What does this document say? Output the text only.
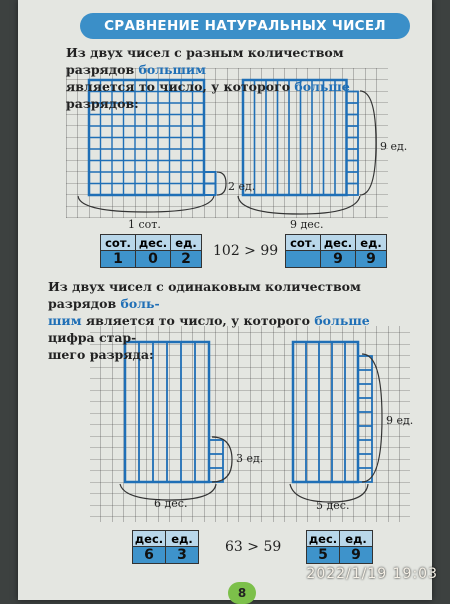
СРАВНЕНИЕ НАТУРАЛЬНЫХ ЧИСЕЛ
Из двух чисел с разным количеством разрядов большим
является то число, у которого больше разрядов:
2 ед.
9 ед.
1 сот.	9 дес.
сот.	дес.	ед.
1	0	2 102 > 99
сот.	дес.	ед.
	9	9
Из двух чисел с одинаковым количеством разрядов боль-
шим является то число, у которого больше цифра стар-
шего разряда:
3 ед.
9 ед.
6 дес.	5 дес.
дес.	ед.
6	3	63 > 59
дес.	ед.
5	9
8
2022/1/19 19:03
